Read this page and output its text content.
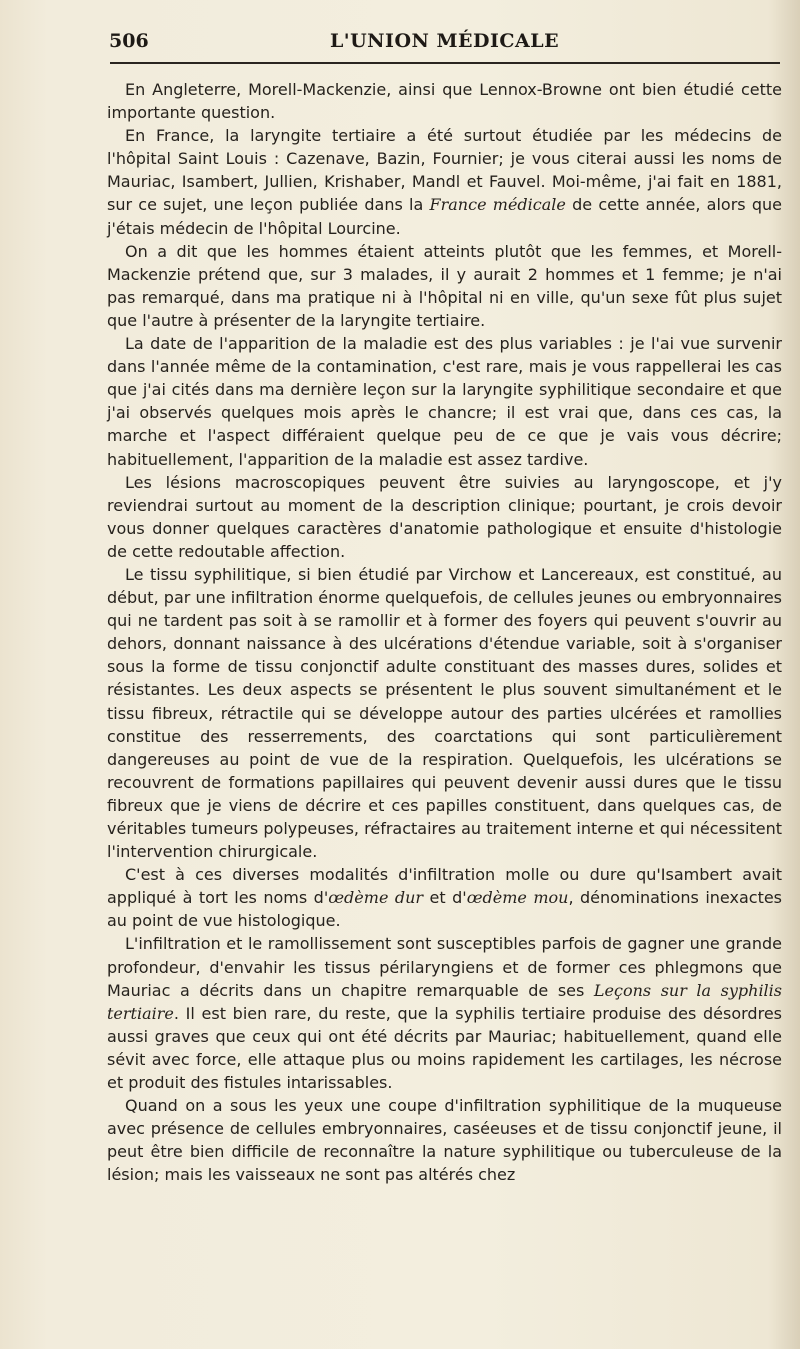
506	L'UNION MÉDICALE

En Angleterre, Morell-Mackenzie, ainsi que Lennox-Browne ont bien étudié cette importante question.

En France, la laryngite tertiaire a été surtout étudiée par les médecins de l'hôpital Saint Louis : Cazenave, Bazin, Fournier; je vous citerai aussi les noms de Mauriac, Isambert, Jullien, Krishaber, Mandl et Fauvel. Moi-même, j'ai fait en 1881, sur ce sujet, une leçon publiée dans la France médicale de cette année, alors que j'étais médecin de l'hôpital Lourcine.

On a dit que les hommes étaient atteints plutôt que les femmes, et Morell-Mackenzie prétend que, sur 3 malades, il y aurait 2 hommes et 1 femme; je n'ai pas remarqué, dans ma pratique ni à l'hôpital ni en ville, qu'un sexe fût plus sujet que l'autre à présenter de la laryngite tertiaire.

La date de l'apparition de la maladie est des plus variables : je l'ai vue survenir dans l'année même de la contamination, c'est rare, mais je vous rappellerai les cas que j'ai cités dans ma dernière leçon sur la laryngite syphilitique secondaire et que j'ai observés quelques mois après le chancre; il est vrai que, dans ces cas, la marche et l'aspect différaient quelque peu de ce que je vais vous décrire; habituellement, l'apparition de la maladie est assez tardive.

Les lésions macroscopiques peuvent être suivies au laryngoscope, et j'y reviendrai surtout au moment de la description clinique; pourtant, je crois devoir vous donner quelques caractères d'anatomie pathologique et ensuite d'histologie de cette redoutable affection.

Le tissu syphilitique, si bien étudié par Virchow et Lancereaux, est constitué, au début, par une infiltration énorme quelquefois, de cellules jeunes ou embryonnaires qui ne tardent pas soit à se ramollir et à former des foyers qui peuvent s'ouvrir au dehors, donnant naissance à des ulcérations d'étendue variable, soit à s'organiser sous la forme de tissu conjonctif adulte constituant des masses dures, solides et résistantes. Les deux aspects se présentent le plus souvent simultanément et le tissu fibreux, rétractile qui se développe autour des parties ulcérées et ramollies constitue des resserrements, des coarctations qui sont particulièrement dangereuses au point de vue de la respiration. Quelquefois, les ulcérations se recouvrent de formations papillaires qui peuvent devenir aussi dures que le tissu fibreux que je viens de décrire et ces papilles constituent, dans quelques cas, de véritables tumeurs polypeuses, réfractaires au traitement interne et qui nécessitent l'intervention chirurgicale.

C'est à ces diverses modalités d'infiltration molle ou dure qu'Isambert avait appliqué à tort les noms d'œdème dur et d'œdème mou, dénominations inexactes au point de vue histologique.

L'infiltration et le ramollissement sont susceptibles parfois de gagner une grande profondeur, d'envahir les tissus périlaryngiens et de former ces phlegmons que Mauriac a décrits dans un chapitre remarquable de ses Leçons sur la syphilis tertiaire. Il est bien rare, du reste, que la syphilis tertiaire produise des désordres aussi graves que ceux qui ont été décrits par Mauriac; habituellement, quand elle sévit avec force, elle attaque plus ou moins rapidement les cartilages, les nécrose et produit des fistules intarissables.

Quand on a sous les yeux une coupe d'infiltration syphilitique de la muqueuse avec présence de cellules embryonnaires, caséeuses et de tissu conjonctif jeune, il peut être bien difficile de reconnaître la nature syphilitique ou tuberculeuse de la lésion; mais les vaisseaux ne sont pas altérés chez
